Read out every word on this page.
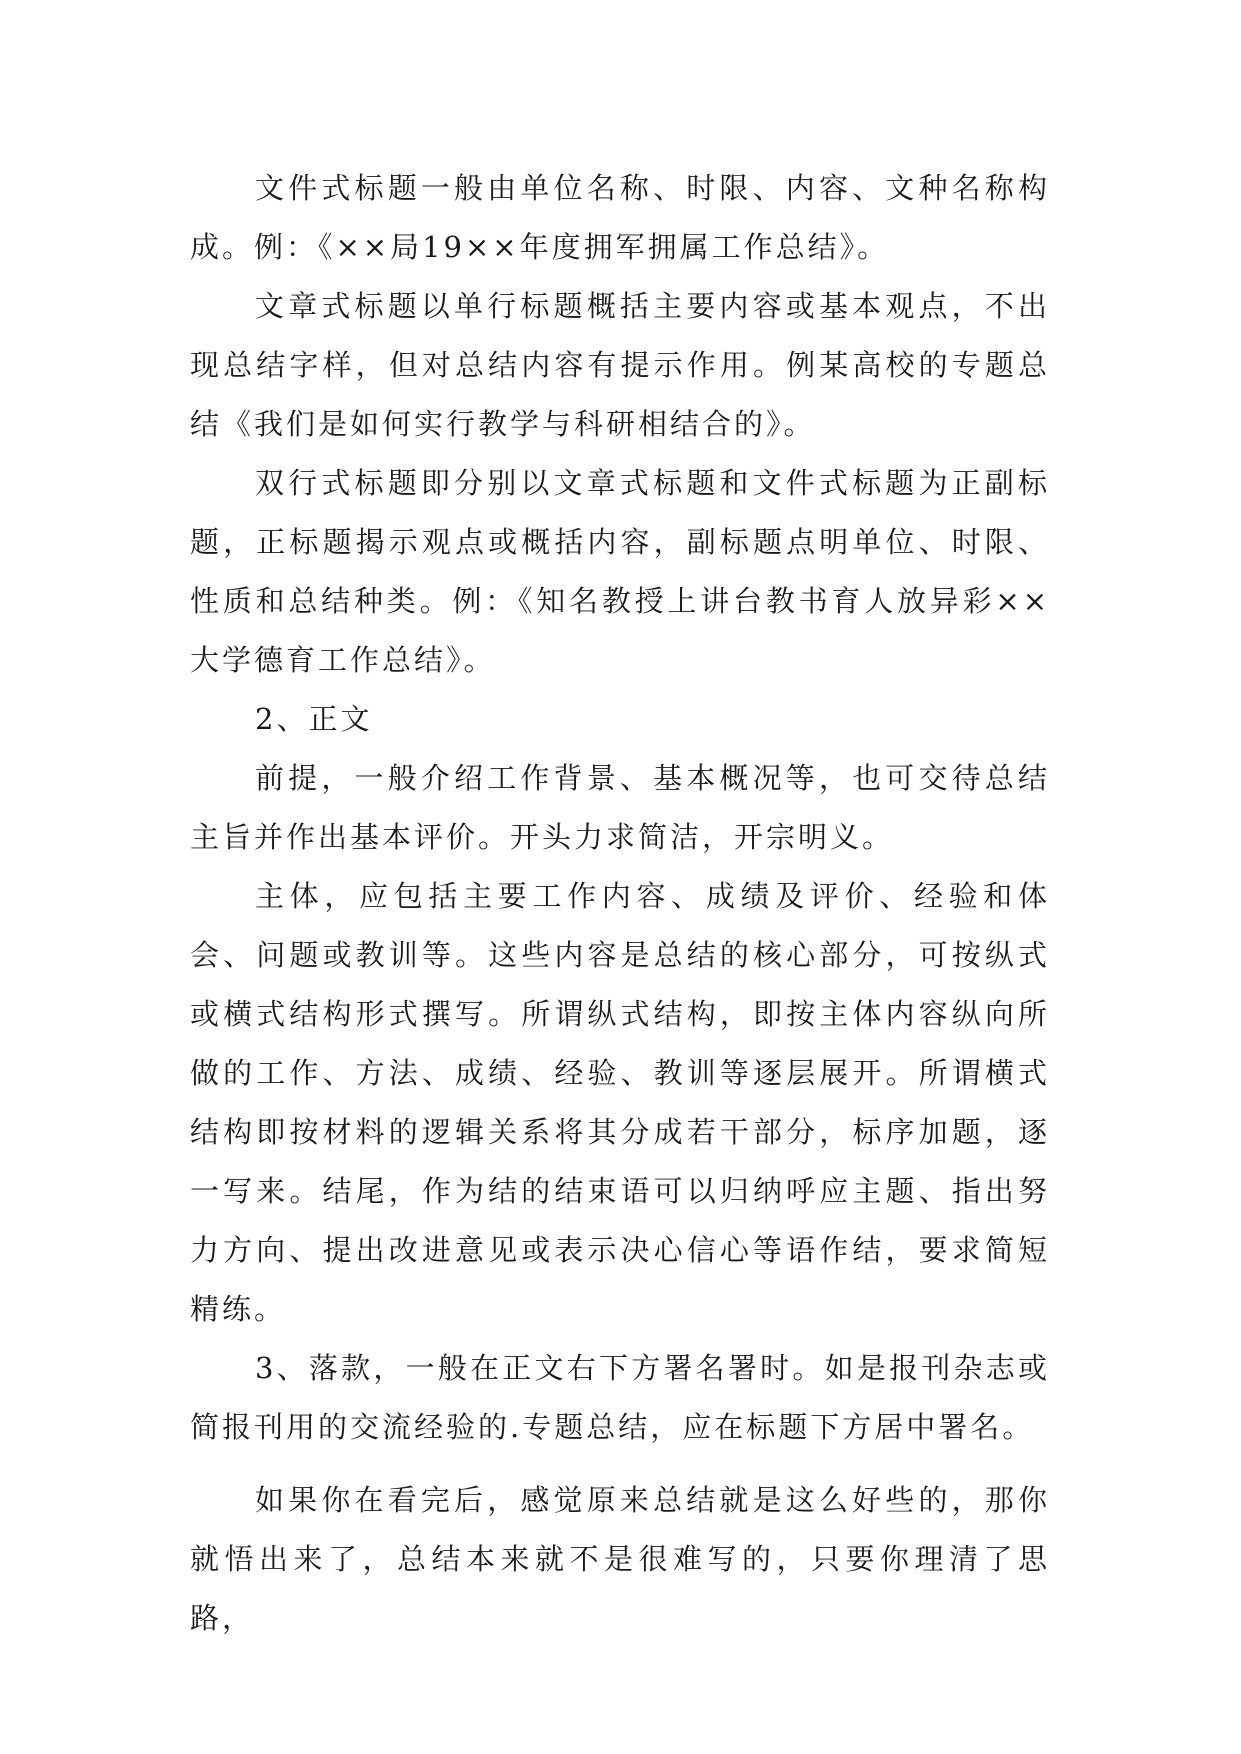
文件式标题一般由单位名称、时限、内容、文种名称构成。例：《××局19××年度拥军拥属工作总结》。

文章式标题以单行标题概括主要内容或基本观点，不出现总结字样，但对总结内容有提示作用。例某高校的专题总结《我们是如何实行教学与科研相结合的》。

双行式标题即分别以文章式标题和文件式标题为正副标题，正标题揭示观点或概括内容，副标题点明单位、时限、性质和总结种类。例：《知名教授上讲台教书育人放异彩××大学德育工作总结》。

2、正文

前提，一般介绍工作背景、基本概况等，也可交待总结主旨并作出基本评价。开头力求简洁，开宗明义。

主体，应包括主要工作内容、成绩及评价、经验和体会、问题或教训等。这些内容是总结的核心部分，可按纵式或横式结构形式撰写。所谓纵式结构，即按主体内容纵向所做的工作、方法、成绩、经验、教训等逐层展开。所谓横式结构即按材料的逻辑关系将其分成若干部分，标序加题，逐一写来。结尾，作为结的结束语可以归纳呼应主题、指出努力方向、提出改进意见或表示决心信心等语作结，要求简短精练。

3、落款，一般在正文右下方署名署时。如是报刊杂志或简报刊用的交流经验的.专题总结，应在标题下方居中署名。

如果你在看完后，感觉原来总结就是这么好些的，那你就悟出来了，总结本来就不是很难写的，只要你理清了思路，
